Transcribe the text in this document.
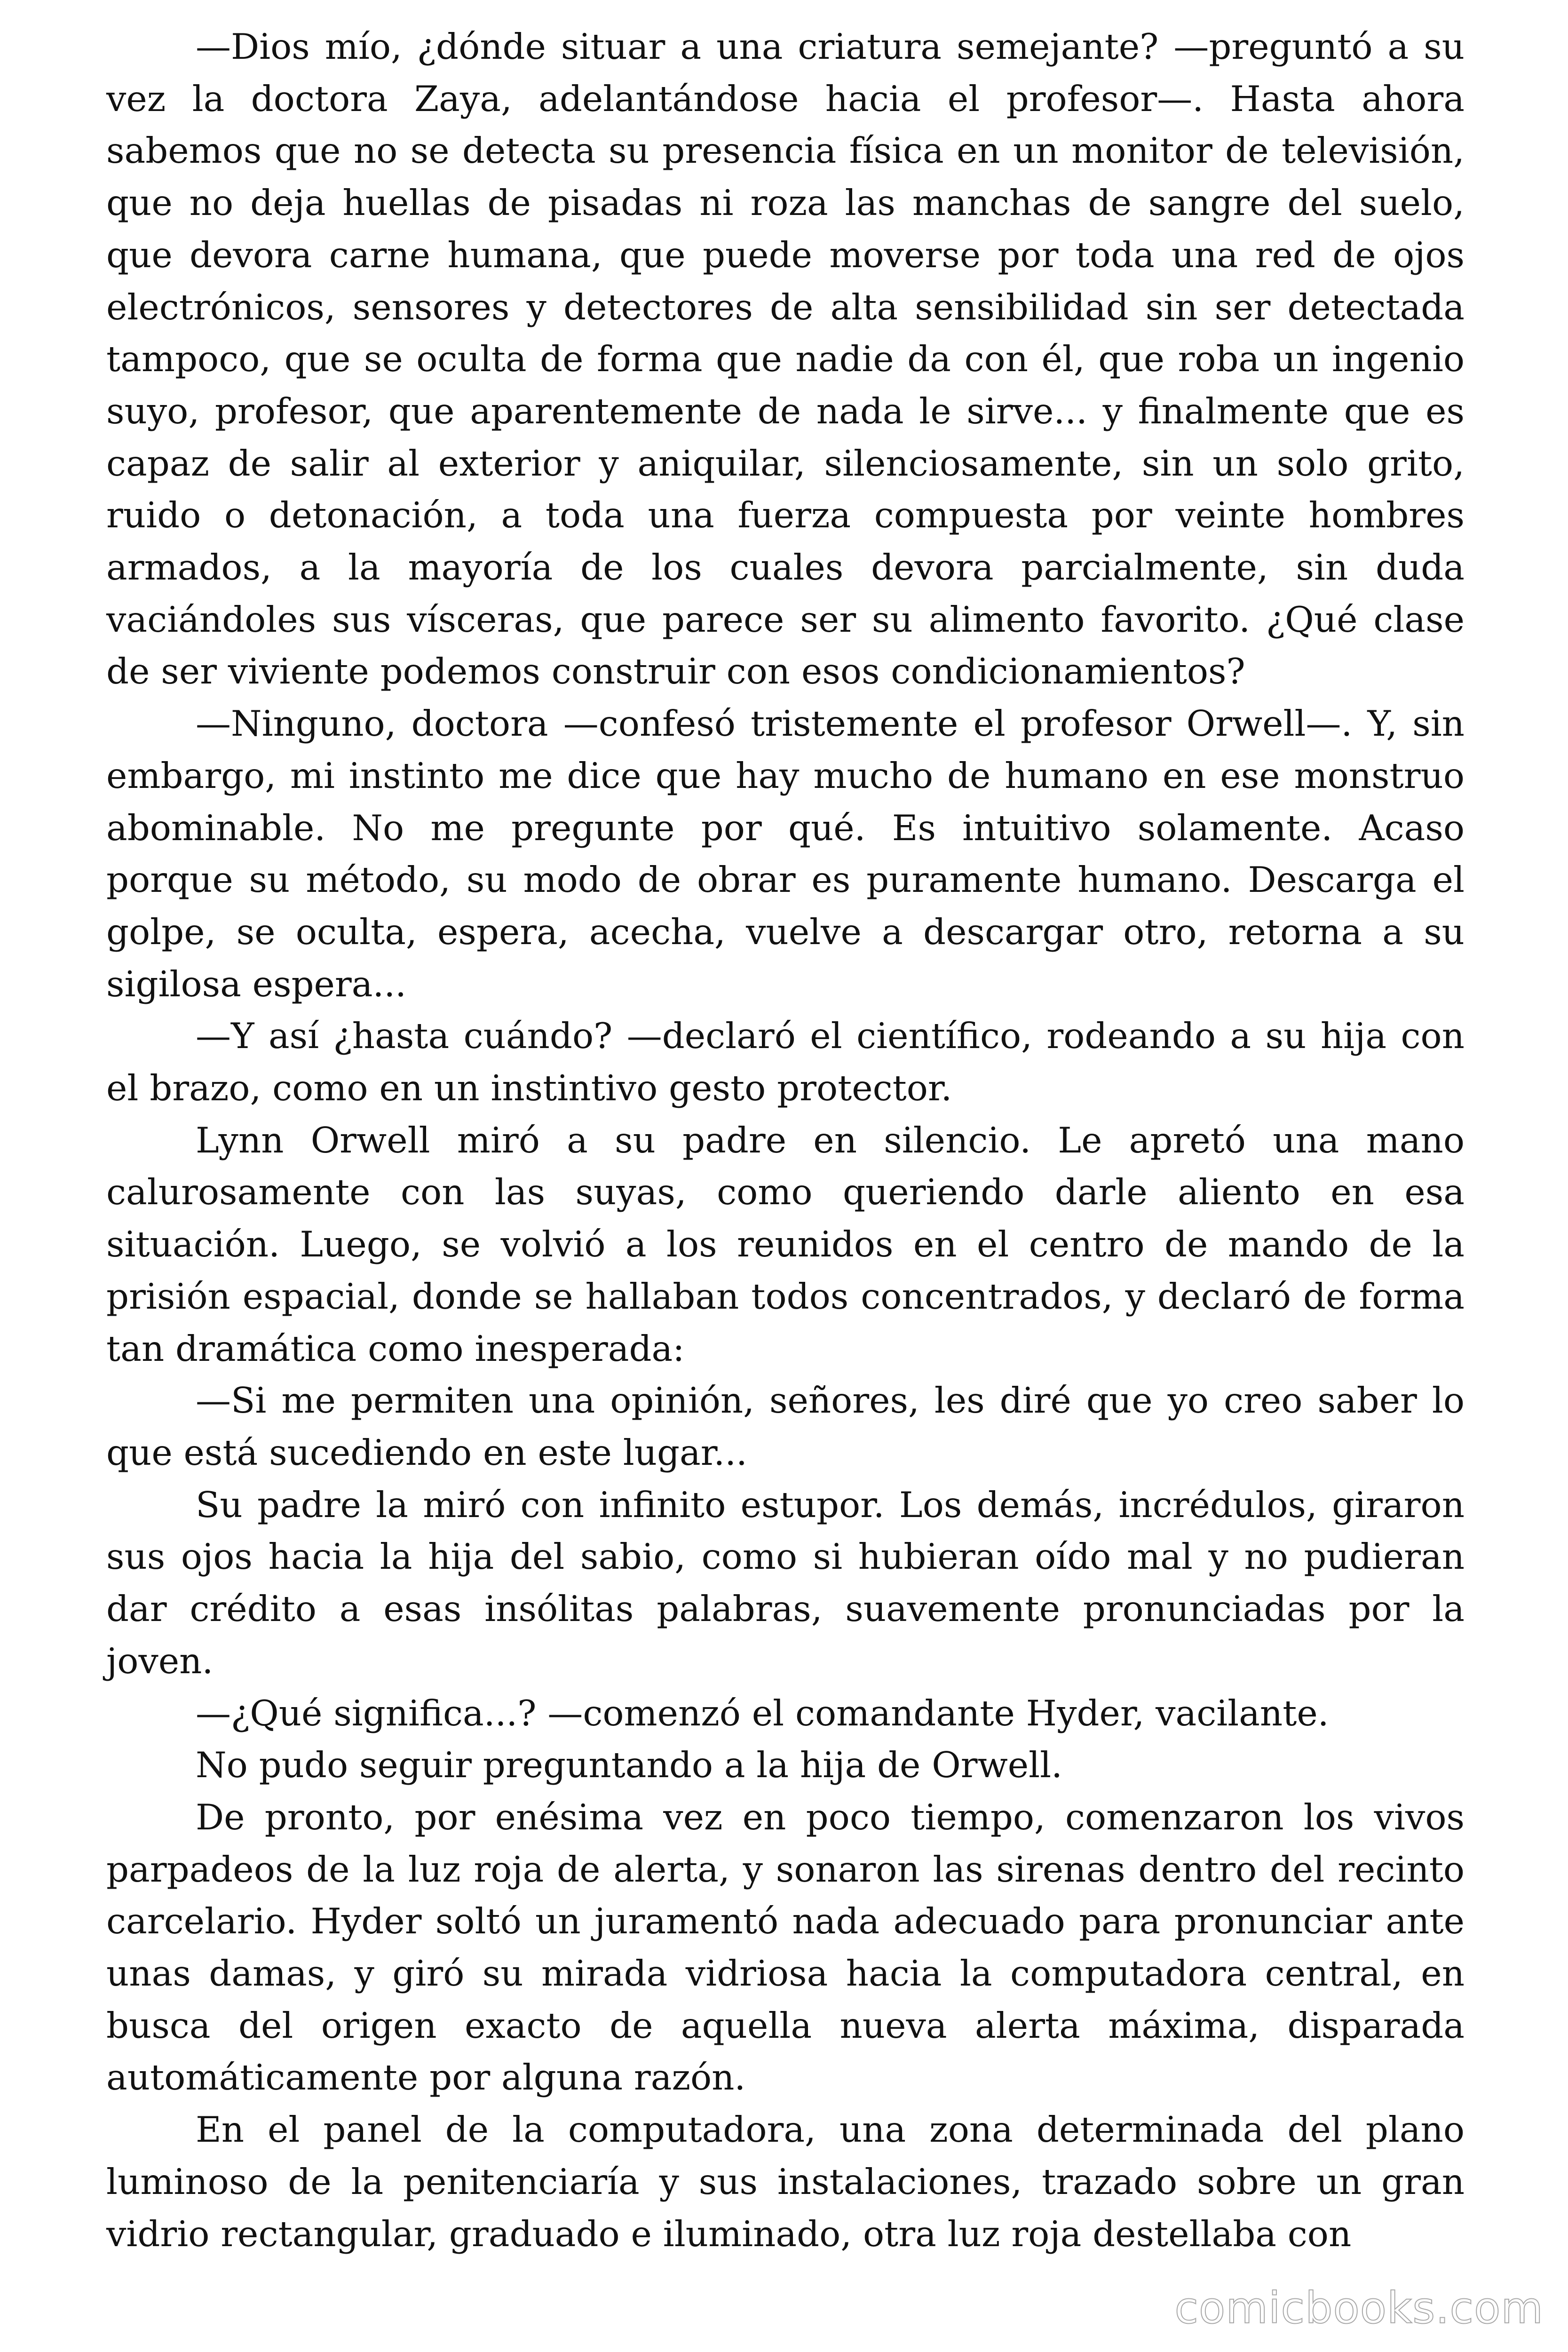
—Dios mío, ¿dónde situar a una criatura semejante? —preguntó a su vez la doctora Zaya, adelantándose hacia el profesor—. Hasta ahora sabemos que no se detecta su presencia física en un monitor de televisión, que no deja huellas de pisadas ni roza las manchas de sangre del suelo, que devora carne humana, que puede moverse por toda una red de ojos electrónicos, sensores y detectores de alta sensibilidad sin ser detectada tampoco, que se oculta de forma que nadie da con él, que roba un ingenio suyo, profesor, que aparentemente de nada le sirve... y finalmente que es capaz de salir al exterior y aniquilar, silenciosamente, sin un solo grito, ruido o detonación, a toda una fuerza compuesta por veinte hombres armados, a la mayoría de los cuales devora parcialmente, sin duda vaciándoles sus vísceras, que parece ser su alimento favorito. ¿Qué clase de ser viviente podemos construir con esos condicionamientos?

—Ninguno, doctora —confesó tristemente el profesor Orwell—. Y, sin embargo, mi instinto me dice que hay mucho de humano en ese monstruo abominable. No me pregunte por qué. Es intuitivo solamente. Acaso porque su método, su modo de obrar es puramente humano. Descarga el golpe, se oculta, espera, acecha, vuelve a descargar otro, retorna a su sigilosa espera...

—Y así ¿hasta cuándo? —declaró el científico, rodeando a su hija con el brazo, como en un instintivo gesto protector.

Lynn Orwell miró a su padre en silencio. Le apretó una mano calurosamente con las suyas, como queriendo darle aliento en esa situación. Luego, se volvió a los reunidos en el centro de mando de la prisión espacial, donde se hallaban todos concentrados, y declaró de forma tan dramática como inesperada:

—Si me permiten una opinión, señores, les diré que yo creo saber lo que está sucediendo en este lugar...

Su padre la miró con infinito estupor. Los demás, incrédulos, giraron sus ojos hacia la hija del sabio, como si hubieran oído mal y no pudieran dar crédito a esas insólitas palabras, suavemente pronunciadas por la joven.

—¿Qué significa...? —comenzó el comandante Hyder, vacilante.

No pudo seguir preguntando a la hija de Orwell.

De pronto, por enésima vez en poco tiempo, comenzaron los vivos parpadeos de la luz roja de alerta, y sonaron las sirenas dentro del recinto carcelario. Hyder soltó un juramentó nada adecuado para pronunciar ante unas damas, y giró su mirada vidriosa hacia la computadora central, en busca del origen exacto de aquella nueva alerta máxima, disparada automáticamente por alguna razón.

En el panel de la computadora, una zona determinada del plano luminoso de la penitenciaría y sus instalaciones, trazado sobre un gran vidrio rectangular, graduado e iluminado, otra luz roja destellaba con

comicbooks.com
